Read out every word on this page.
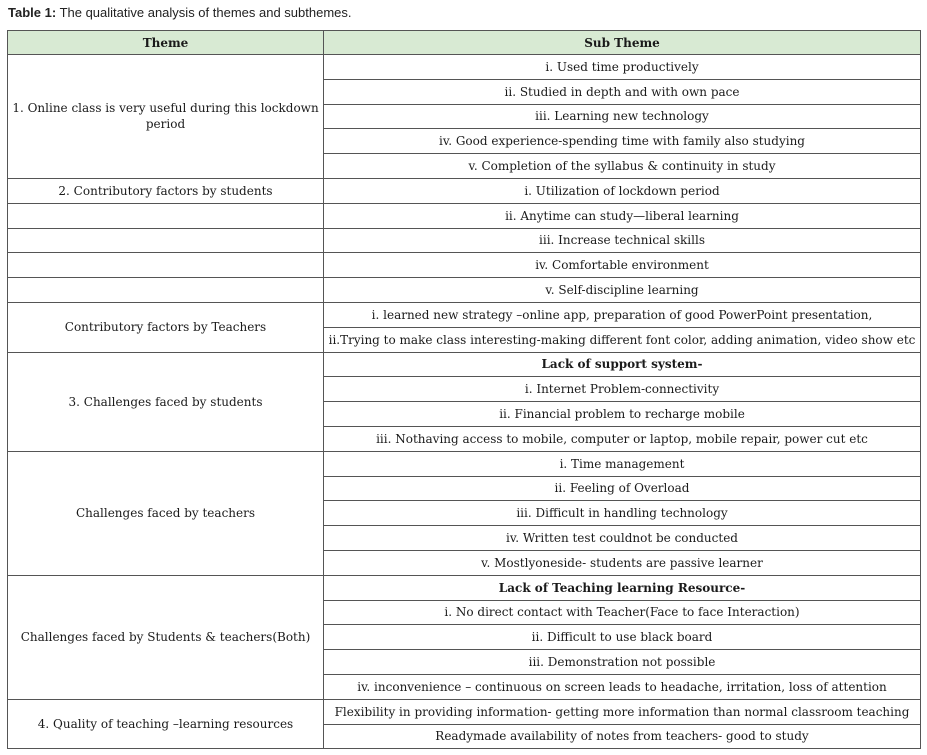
Table 1: The qualitative analysis of themes and subthemes.
Theme	Sub Theme
1. Online class is very useful during this lockdown period	i. Used time productively
	ii. Studied in depth and with own pace
	iii. Learning new technology
	iv. Good experience-spending time with family also studying
	v. Completion of the syllabus & continuity in study
2. Contributory factors by students	i. Utilization of lockdown period
	ii. Anytime can study—liberal learning
	iii. Increase technical skills
	iv. Comfortable environment
	v. Self-discipline learning
Contributory factors by Teachers	i. learned new strategy –online app, preparation of good PowerPoint presentation,
	ii.Trying to make class interesting-making different font color, adding animation, video show etc
3. Challenges faced by students	Lack of support system-
	i. Internet Problem-connectivity
	ii. Financial problem to recharge mobile
	iii. Nothaving access to mobile, computer or laptop, mobile repair, power cut etc
Challenges faced by teachers	i. Time management
	ii. Feeling of Overload
	iii. Difficult in handling technology
	iv. Written test couldnot be conducted
	v. Mostlyoneside- students are passive learner
Challenges faced by Students & teachers(Both)	Lack of Teaching learning Resource-
	i. No direct contact with Teacher(Face to face Interaction)
	ii. Difficult to use black board
	iii. Demonstration not possible
	iv. inconvenience – continuous on screen leads to headache, irritation, loss of attention
4. Quality of teaching –learning resources	Flexibility in providing information- getting more information than normal classroom teaching
	Readymade availability of notes from teachers- good to study
